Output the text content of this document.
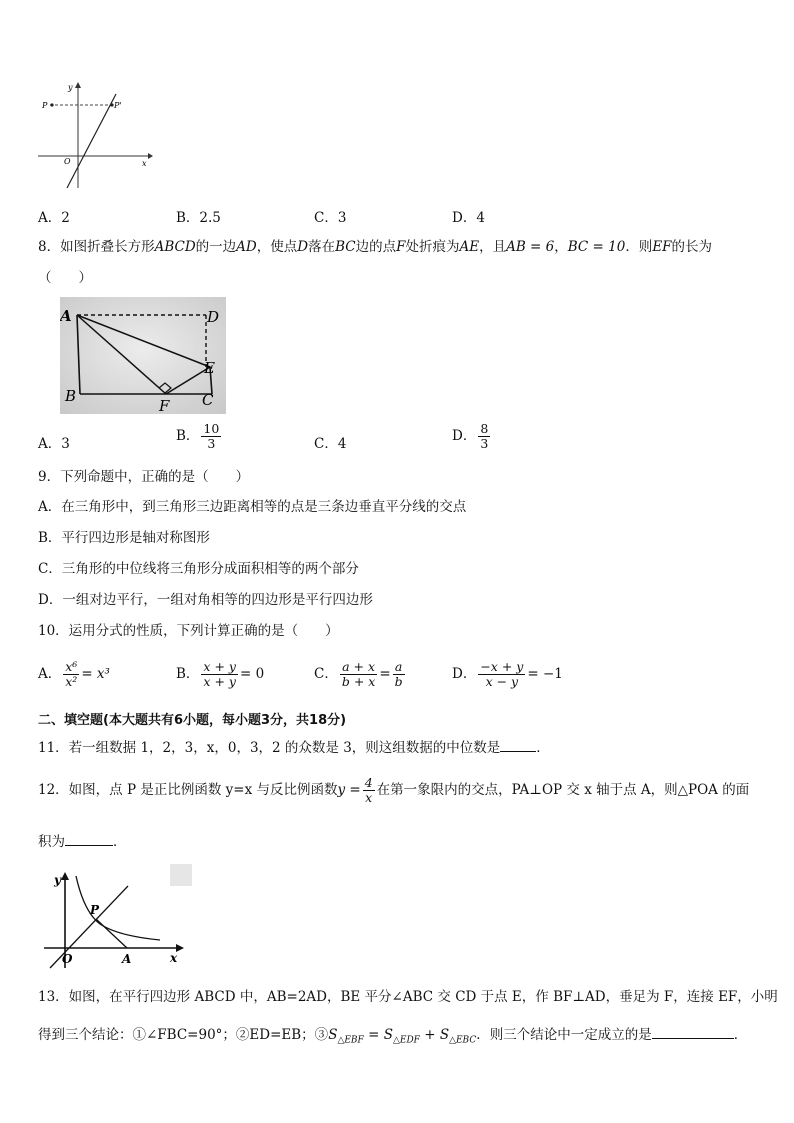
y
x
O
P	P'
A．2	B．2.5	C．3	D．4
8．如图折叠长方形ABCD的一边AD，使点D落在BC边的点F处折痕为AE，且AB = 6，BC = 10．则EF的长为
（　　）
A	D
E
B
F C
A．3	B． $\frac{10}{3}$	C．4	D． $\frac{8}{3}$
9．下列命题中，正确的是（　　）
A．在三角形中，到三角形三边距离相等的点是三条边垂直平分线的交点
B．平行四边形是轴对称图形
C．三角形的中位线将三角形分成面积相等的两个部分
D．一组对边平行，一组对角相等的四边形是平行四边形
10．运用分式的性质，下列计算正确的是（　　）
A． $\frac{\text{x⁶}}{\text{x²}} = x^3$	B． $\frac{x + y}{x + y} = 0$	C． $\frac{a + x}{b + x} = \frac{a}{b}$	D． $\frac{-x + y}{x - y} = -1$
二、填空题(本大题共有6小题，每小题3分，共18分)
11．若一组数据 1，2，3，x，0，3，2 的众数是 3，则这组数据的中位数是	．
12．如图，点 P 是正比例函数 y=x 与反比例函数$y = \frac{4}{x}$ 在第一象限内的交点，PA⊥OP 交 x 轴于点 A，则△POA 的面
积为	．
y
x
O
P
A
13．如图，在平行四边形 ABCD 中，AB=2AD，BE 平分∠ABC 交 CD 于点 E，作 BF⊥AD，垂足为 F，连接 EF，小明
得到三个结论：①∠FBC=90°；②ED=EB；$③S_{\triangle EBF} = S_{\triangle EDF} + S_{\triangle EBC}$．则三个结论中一定成立的是	．
